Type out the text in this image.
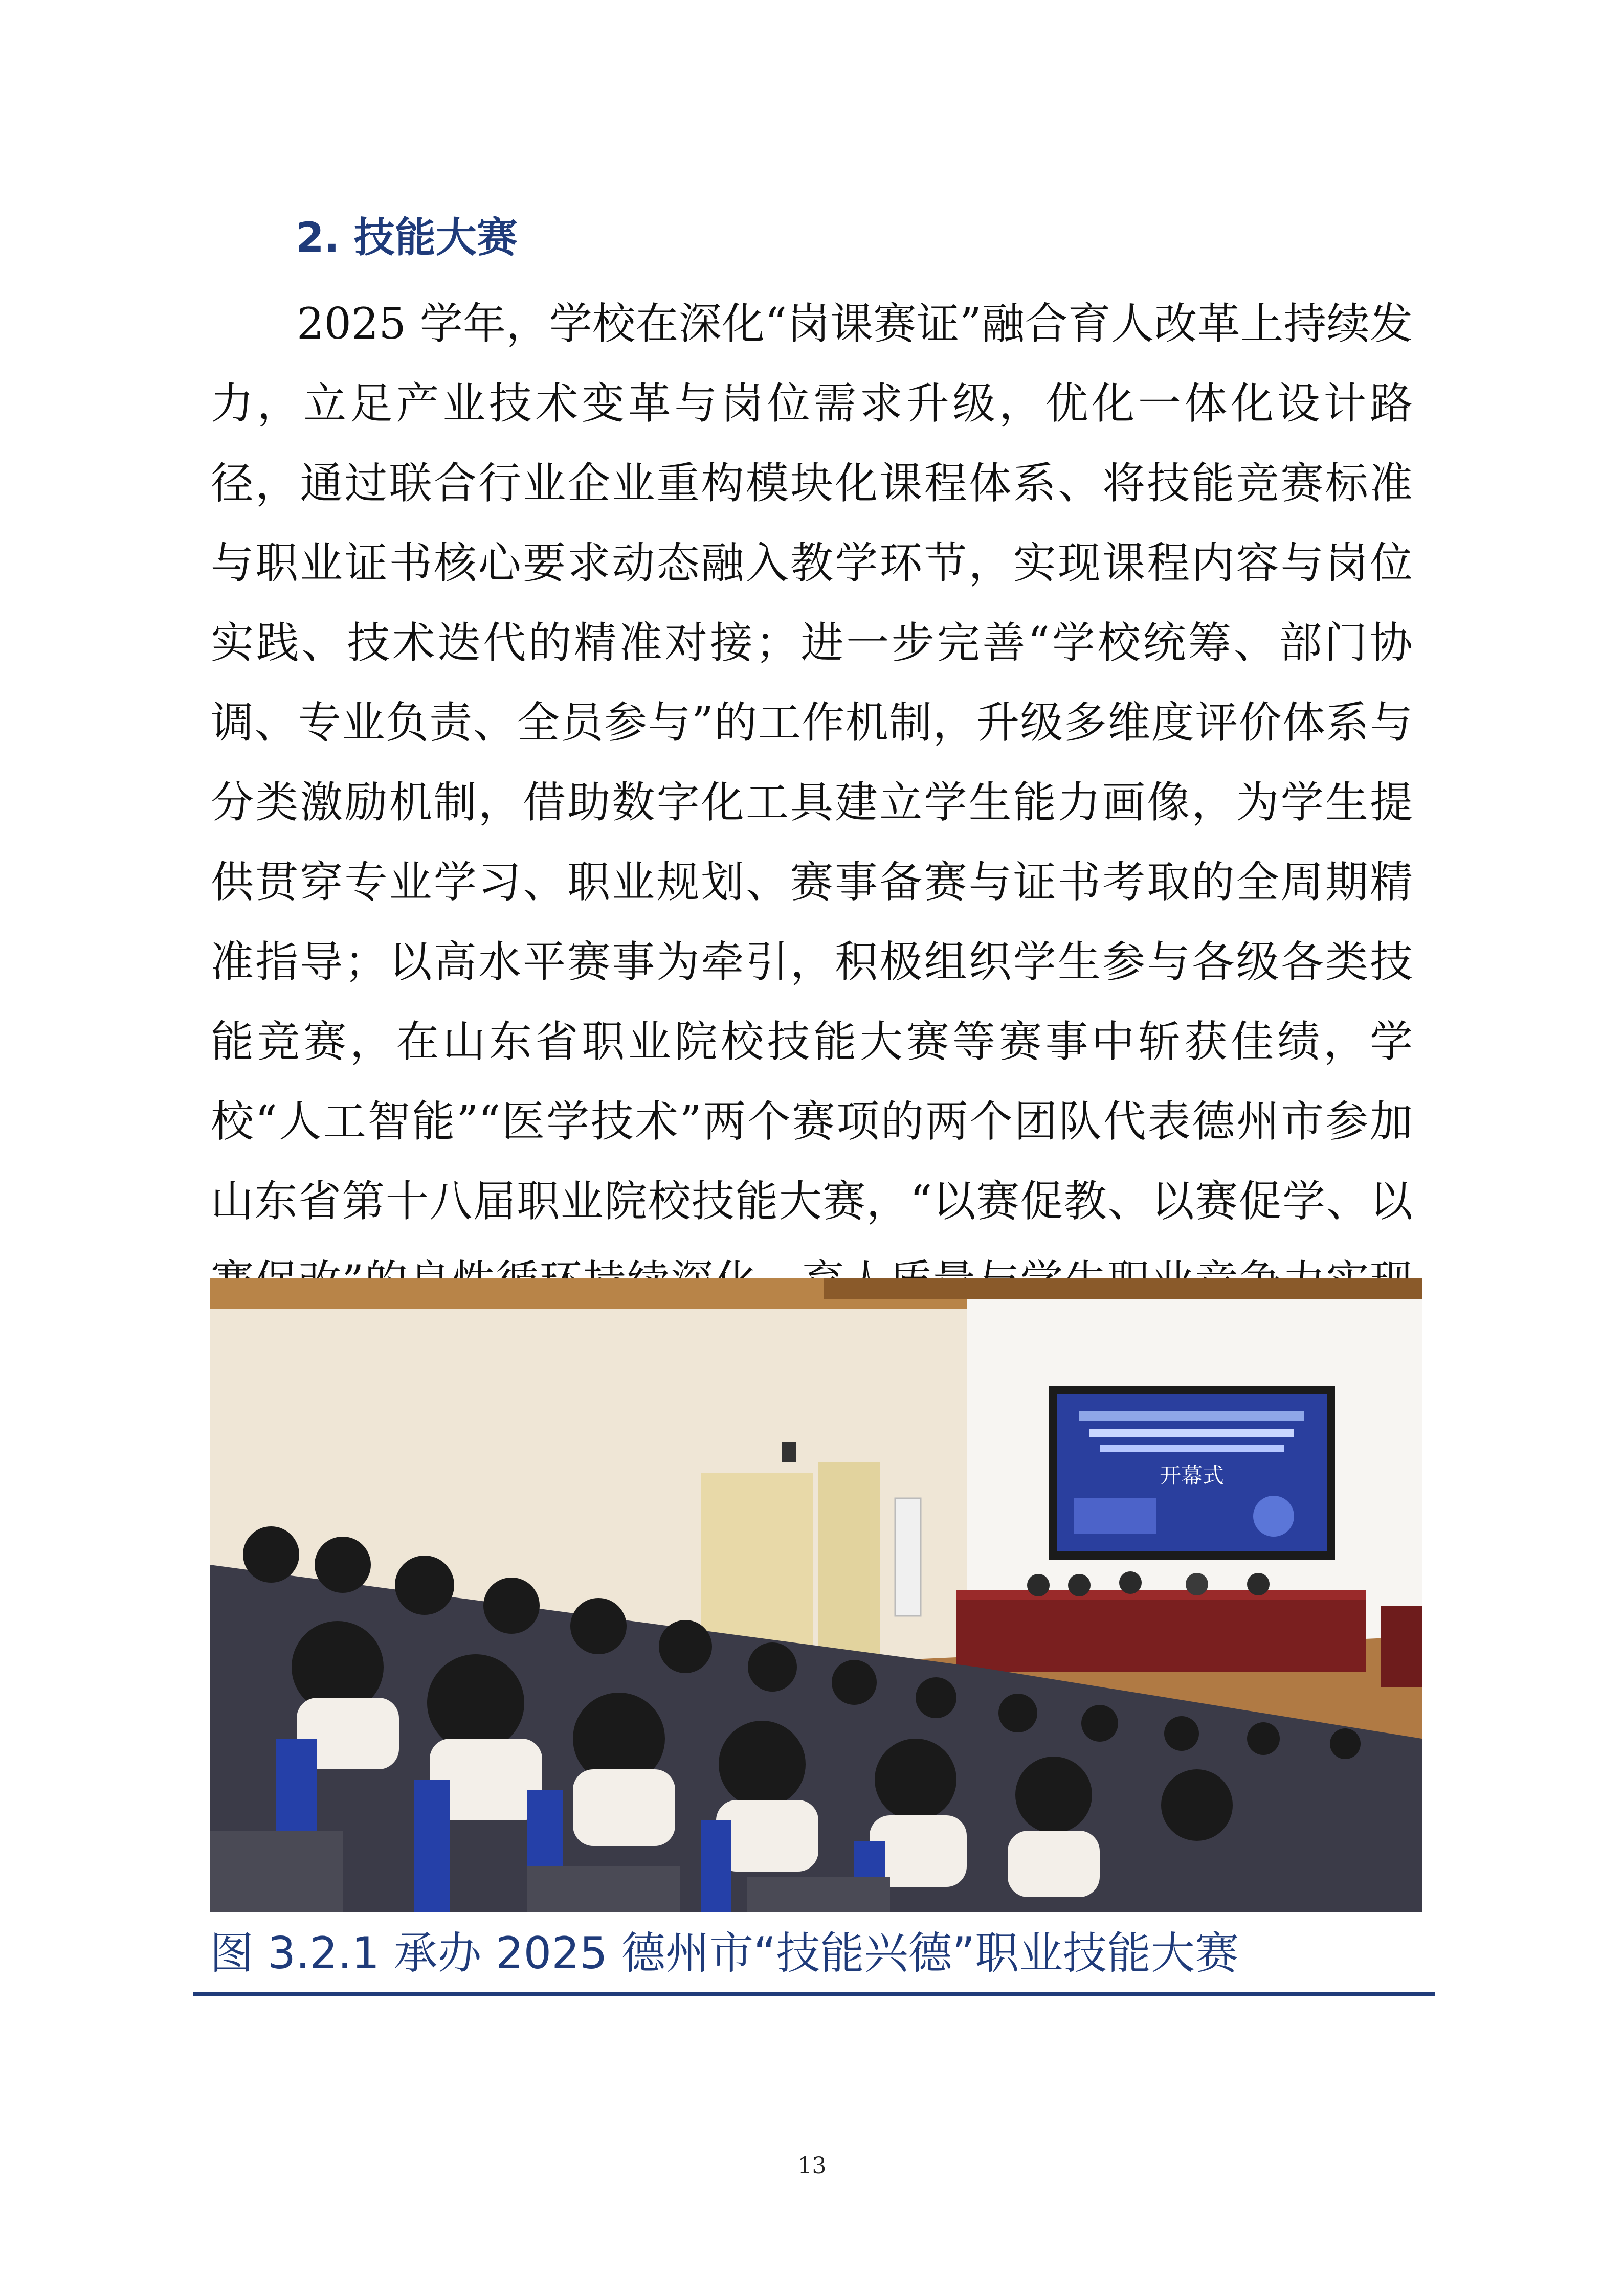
2. 技能大赛

2025 学年，学校在深化“岗课赛证”融合育人改革上持续发力，立足产业技术变革与岗位需求升级，优化一体化设计路径，通过联合行业企业重构模块化课程体系、将技能竞赛标准与职业证书核心要求动态融入教学环节，实现课程内容与岗位实践、技术迭代的精准对接；进一步完善“学校统筹、部门协调、专业负责、全员参与”的工作机制，升级多维度评价体系与分类激励机制，借助数字化工具建立学生能力画像，为学生提供贯穿专业学习、职业规划、赛事备赛与证书考取的全周期精准指导；以高水平赛事为牵引，积极组织学生参与各级各类技能竞赛，在山东省职业院校技能大赛等赛事中斩获佳绩，学校“人工智能”“医学技术”两个赛项的两个团队代表德州市参加山东省第十八届职业院校技能大赛，“以赛促教、以赛促学、以

开幕式

图 3.2.1 承办 2025 德州市“技能兴德”职业技能大赛

13
